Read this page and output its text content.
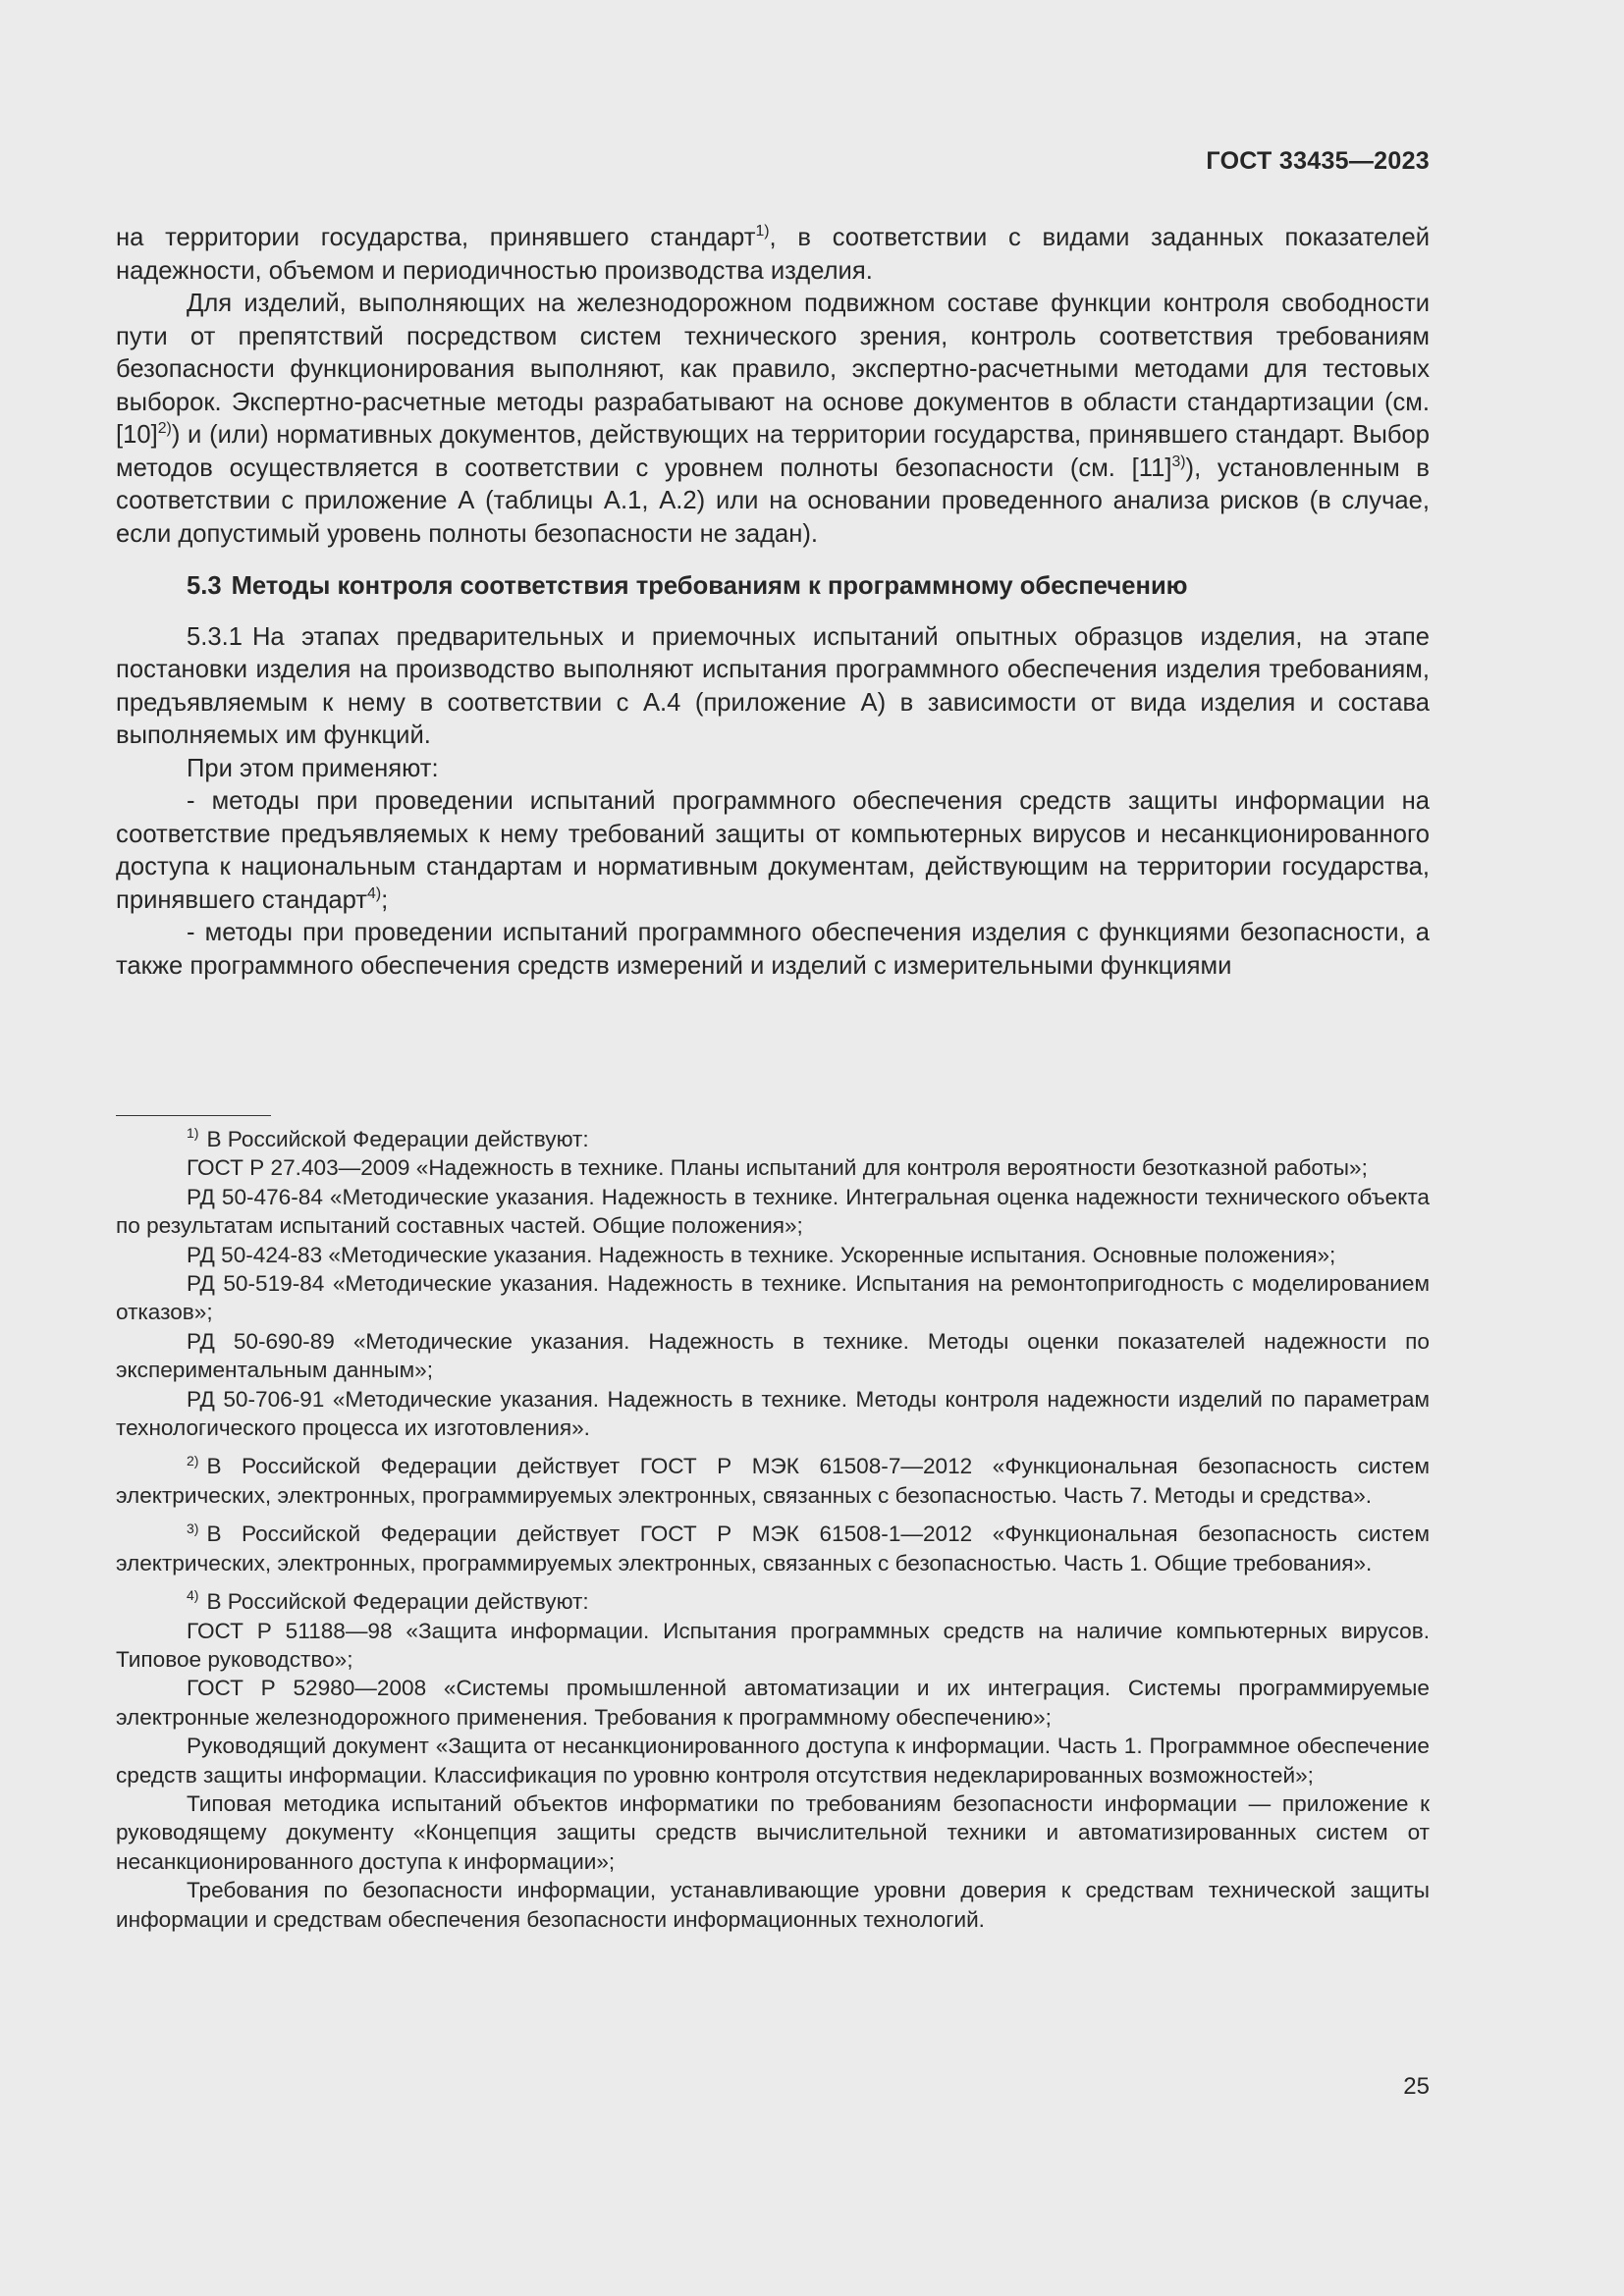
ГОСТ 33435—2023

на территории государства, принявшего стандарт$^{1)}$, в соответствии с видами заданных показателей надежности, объемом и периодичностью производства изделия.

Для изделий, выполняющих на железнодорожном подвижном составе функции контроля свободности пути от препятствий посредством систем технического зрения, контроль соответствия требованиям безопасности функционирования выполняют, как правило, экспертно-расчетными методами для тестовых выборок. Экспертно-расчетные методы разрабатывают на основе документов в области стандартизации (см. $[10]^{2)}$) и (или) нормативных документов, действующих на территории государства, принявшего стандарт. Выбор методов осуществляется в соответствии с уровнем полноты безопасности (см. $[11]^{3)}$), установленным в соответствии с приложение А (таблицы А.1, А.2) или на основании проведенного анализа рисков (в случае, если допустимый уровень полноты безопасности не задан).

5.3 Методы контроля соответствия требованиям к программному обеспечению

5.3.1 На этапах предварительных и приемочных испытаний опытных образцов изделия, на этапе постановки изделия на производство выполняют испытания программного обеспечения изделия требованиям, предъявляемым к нему в соответствии с А.4 (приложение А) в зависимости от вида изделия и состава выполняемых им функций.

При этом применяют:

- методы при проведении испытаний программного обеспечения средств защиты информации на соответствие предъявляемых к нему требований защиты от компьютерных вирусов и несанкционированного доступа к национальным стандартам и нормативным документам, действующим на территории государства, принявшего стандарт$^{4)}$;

- методы при проведении испытаний программного обеспечения изделия с функциями безопасности, а также программного обеспечения средств измерений и изделий с измерительными функциями

$^{1)}$ В Российской Федерации действуют:

ГОСТ Р 27.403—2009 «Надежность в технике. Планы испытаний для контроля вероятности безотказной работы»;

РД 50-476-84 «Методические указания. Надежность в технике. Интегральная оценка надежности технического объекта по результатам испытаний составных частей. Общие положения»;

РД 50-424-83 «Методические указания. Надежность в технике. Ускоренные испытания. Основные положения»;

РД 50-519-84 «Методические указания. Надежность в технике. Испытания на ремонтопригодность с моделированием отказов»;

РД 50-690-89 «Методические указания. Надежность в технике. Методы оценки показателей надежности по экспериментальным данным»;

РД 50-706-91 «Методические указания. Надежность в технике. Методы контроля надежности изделий по параметрам технологического процесса их изготовления».

$^{2)}$ В Российской Федерации действует ГОСТ Р МЭК 61508-7—2012 «Функциональная безопасность систем электрических, электронных, программируемых электронных, связанных с безопасностью. Часть 7. Методы и средства».

$^{3)}$ В Российской Федерации действует ГОСТ Р МЭК 61508-1—2012 «Функциональная безопасность систем электрических, электронных, программируемых электронных, связанных с безопасностью. Часть 1. Общие требования».

$^{4)}$ В Российской Федерации действуют:

ГОСТ Р 51188—98 «Защита информации. Испытания программных средств на наличие компьютерных вирусов. Типовое руководство»;

ГОСТ Р 52980—2008 «Системы промышленной автоматизации и их интеграция. Системы программируемые электронные железнодорожного применения. Требования к программному обеспечению»;

Руководящий документ «Защита от несанкционированного доступа к информации. Часть 1. Программное обеспечение средств защиты информации. Классификация по уровню контроля отсутствия недекларированных возможностей»;

Типовая методика испытаний объектов информатики по требованиям безопасности информации — приложение к руководящему документу «Концепция защиты средств вычислительной техники и автоматизированных систем от несанкционированного доступа к информации»;

Требования по безопасности информации, устанавливающие уровни доверия к средствам технической защиты информации и средствам обеспечения безопасности информационных технологий.

25
